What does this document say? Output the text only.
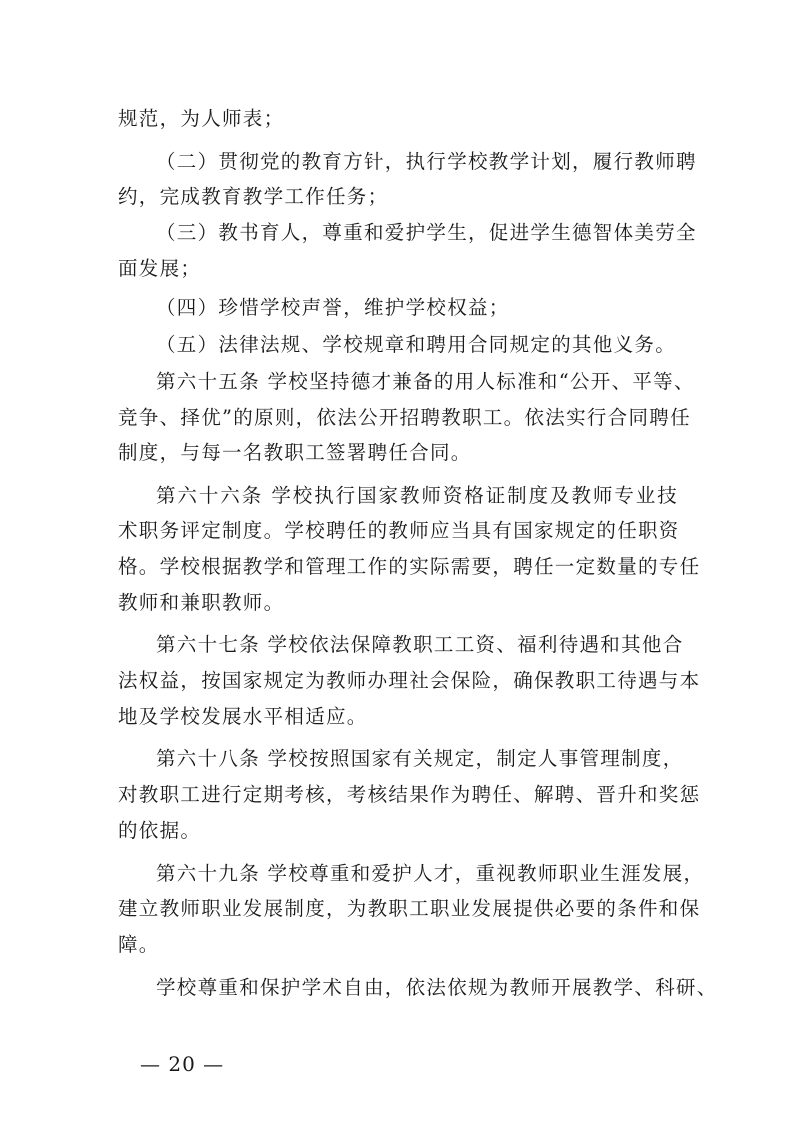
规范，为人师表；
（二）贯彻党的教育方针，执行学校教学计划，履行教师聘
约，完成教育教学工作任务；
（三）教书育人，尊重和爱护学生，促进学生德智体美劳全
面发展；
（四）珍惜学校声誉，维护学校权益；
（五）法律法规、学校规章和聘用合同规定的其他义务。
第六十五条 学校坚持德才兼备的用人标准和“公开、平等、
竞争、择优”的原则，依法公开招聘教职工。依法实行合同聘任
制度，与每一名教职工签署聘任合同。
第六十六条 学校执行国家教师资格证制度及教师专业技
术职务评定制度。学校聘任的教师应当具有国家规定的任职资
格。学校根据教学和管理工作的实际需要，聘任一定数量的专任
教师和兼职教师。
第六十七条 学校依法保障教职工工资、福利待遇和其他合
法权益，按国家规定为教师办理社会保险，确保教职工待遇与本
地及学校发展水平相适应。
第六十八条 学校按照国家有关规定，制定人事管理制度，
对教职工进行定期考核，考核结果作为聘任、解聘、晋升和奖惩
的依据。
第六十九条 学校尊重和爱护人才，重视教师职业生涯发展，
建立教师职业发展制度，为教职工职业发展提供必要的条件和保
障。
学校尊重和保护学术自由，依法依规为教师开展教学、科研、
— 20 —
